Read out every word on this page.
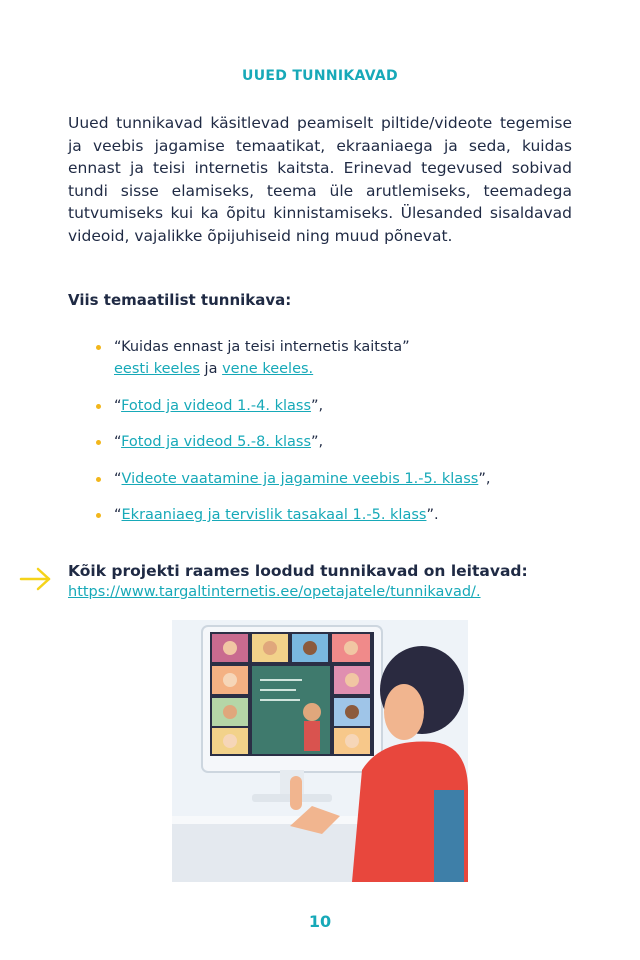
UUED TUNNIKAVAD
Uued tunnikavad käsitlevad peamiselt piltide/videote tegemise ja veebis jagamise temaatikat, ekraaniaega ja seda, kuidas ennast ja teisi internetis kaitsta. Erinevad tegevused sobivad tundi sisse elamiseks, teema üle arutlemiseks, teemadega tutvumiseks kui ka õpitu kinnistamiseks. Ülesanded sisaldavad videoid, vajalikke õpijuhiseid ning muud põnevat.
Viis temaatilist tunnikava:
“Kuidas ennast ja teisi internetis kaitsta”
eesti keeles ja vene keeles.
“Fotod ja videod 1.-4. klass”,
“Fotod ja videod 5.-8. klass”,
“Videote vaatamine ja jagamine veebis 1.-5. klass”,
“Ekraaniaeg ja tervislik tasakaal 1.-5. klass”.
Kõik projekti raames loodud tunnikavad on leitavad:
https://www.targaltinternetis.ee/opetajatele/tunnikavad/.
10
